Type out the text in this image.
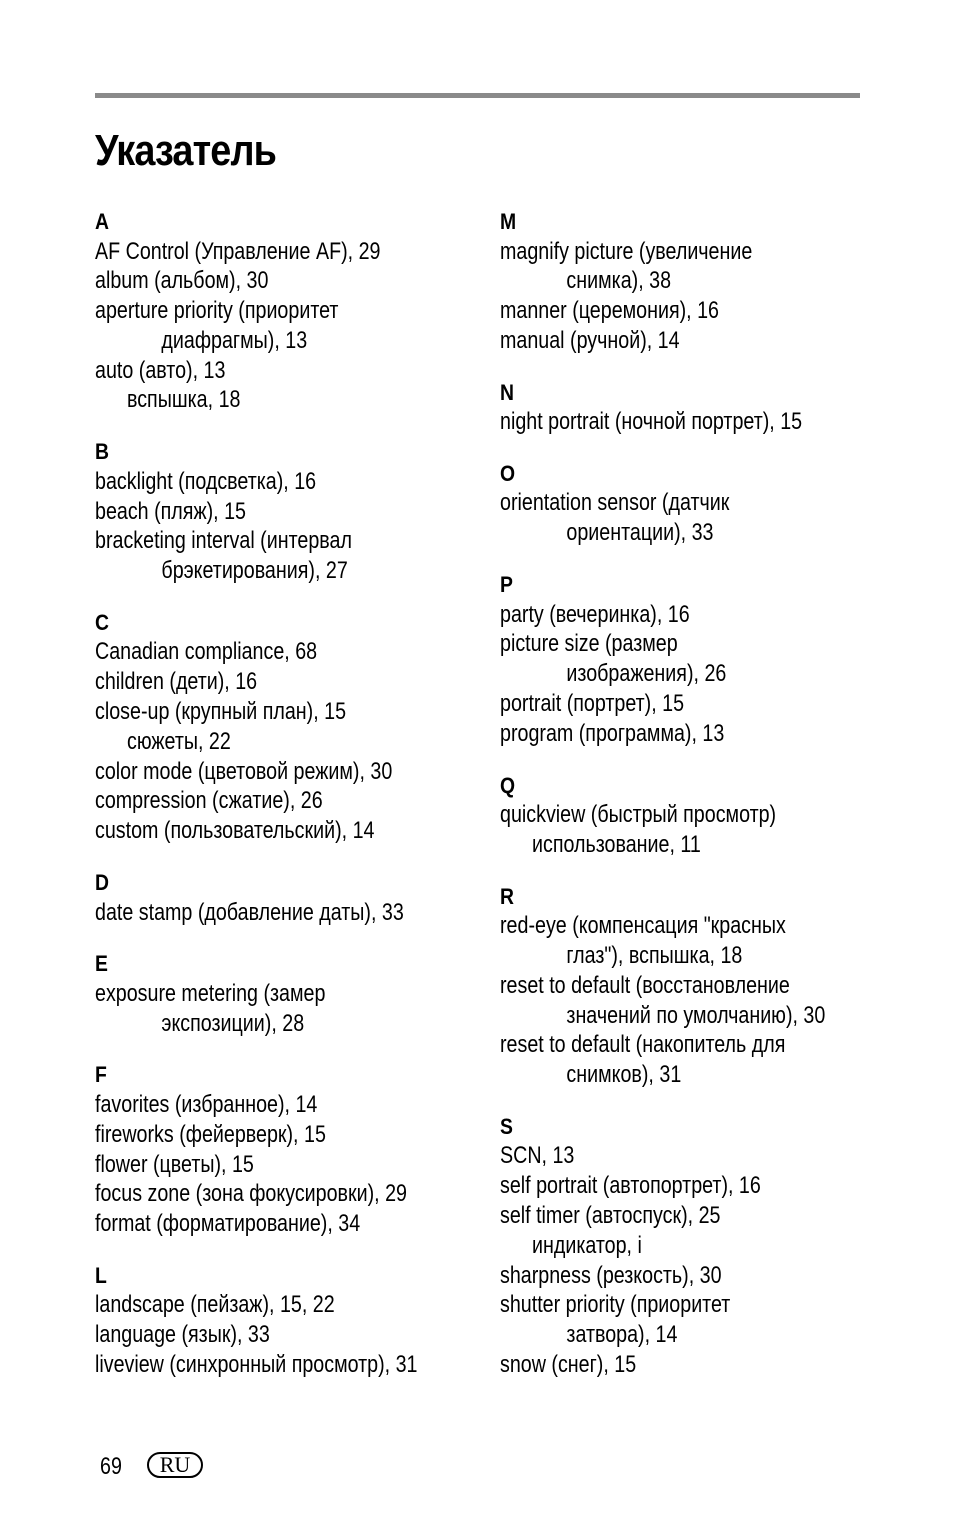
Указатель
A
AF Control (Управление AF), 29
album (альбом), 30
aperture priority (приоритет
диафрагмы), 13
auto (авто), 13
вспышка, 18
B
backlight (подсветка), 16
beach (пляж), 15
bracketing interval (интервал
брэкетирования), 27
C
Canadian compliance, 68
children (дети), 16
close-up (крупный план), 15
сюжеты, 22
color mode (цветовой режим), 30
compression (сжатие), 26
custom (пользовательский), 14
D
date stamp (добавление даты), 33
E
exposure metering (замер
экспозиции), 28
F
favorites (избранное), 14
fireworks (фейерверк), 15
flower (цветы), 15
focus zone (зона фокусировки), 29
format (форматирование), 34
L
landscape (пейзаж), 15, 22
language (язык), 33
liveview (синхронный просмотр), 31
M
magnify picture (увеличение
снимка), 38
manner (церемония), 16
manual (ручной), 14
N
night portrait (ночной портрет), 15
O
orientation sensor (датчик
ориентации), 33
P
party (вечеринка), 16
picture size (размер
изображения), 26
portrait (портрет), 15
program (программа), 13
Q
quickview (быстрый просмотр)
использование, 11
R
red-eye (компенсация "красных
глаз"), вспышка, 18
reset to default (восстановление
значений по умолчанию), 30
reset to default (накопитель для
снимков), 31
S
SCN, 13
self portrait (автопортрет), 16
self timer (автоспуск), 25
индикатор, i
sharpness (резкость), 30
shutter priority (приоритет
затвора), 14
snow (снег), 15
69	RU
